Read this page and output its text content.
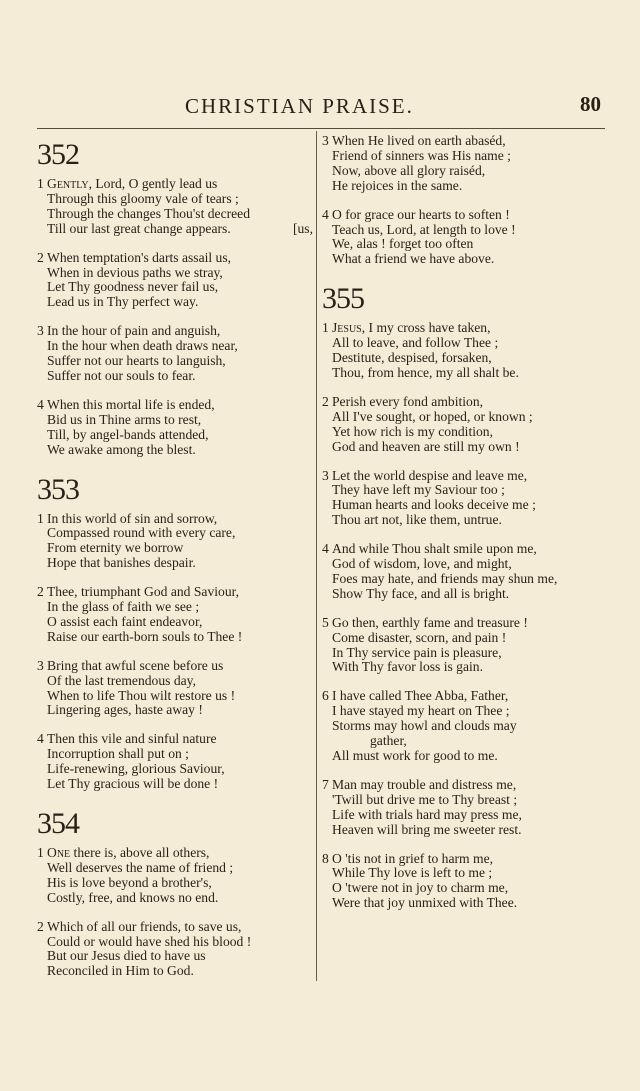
CHRISTIAN PRAISE.	80
352
1 Gently, Lord, O gently lead us
Through this gloomy vale of tears ;
Through the changes Thou'st decreed
Till our last great change appears.	[us,
2 When temptation's darts assail us,
When in devious paths we stray,
Let Thy goodness never fail us,
Lead us in Thy perfect way.
3 In the hour of pain and anguish,
In the hour when death draws near,
Suffer not our hearts to languish,
Suffer not our souls to fear.
4 When this mortal life is ended,
Bid us in Thine arms to rest,
Till, by angel-bands attended,
We awake among the blest.
353
1 In this world of sin and sorrow,
Compassed round with every care,
From eternity we borrow
Hope that banishes despair.
2 Thee, triumphant God and Saviour,
In the glass of faith we see ;
O assist each faint endeavor,
Raise our earth-born souls to Thee !
3 Bring that awful scene before us
Of the last tremendous day,
When to life Thou wilt restore us !
Lingering ages, haste away !
4 Then this vile and sinful nature
Incorruption shall put on ;
Life-renewing, glorious Saviour,
Let Thy gracious will be done !
354
1 One there is, above all others,
Well deserves the name of friend ;
His is love beyond a brother's,
Costly, free, and knows no end.
2 Which of all our friends, to save us,
Could or would have shed his blood !
But our Jesus died to have us
Reconciled in Him to God.
3 When He lived on earth abaséd,
Friend of sinners was His name ;
Now, above all glory raiséd,
He rejoices in the same.
4 O for grace our hearts to soften !
Teach us, Lord, at length to love !
We, alas ! forget too often
What a friend we have above.
355
1 Jesus, I my cross have taken,
All to leave, and follow Thee ;
Destitute, despised, forsaken,
Thou, from hence, my all shalt be.
2 Perish every fond ambition,
All I've sought, or hoped, or known ;
Yet how rich is my condition,
God and heaven are still my own !
3 Let the world despise and leave me,
They have left my Saviour too ;
Human hearts and looks deceive me ;
Thou art not, like them, untrue.
4 And while Thou shalt smile upon me,
God of wisdom, love, and might,
Foes may hate, and friends may shun me,
Show Thy face, and all is bright.
5 Go then, earthly fame and treasure !
Come disaster, scorn, and pain !
In Thy service pain is pleasure,
With Thy favor loss is gain.
6 I have called Thee Abba, Father,
I have stayed my heart on Thee ;
Storms may howl and clouds may
gather,
All must work for good to me.
7 Man may trouble and distress me,
'Twill but drive me to Thy breast ;
Life with trials hard may press me,
Heaven will bring me sweeter rest.
8 O 'tis not in grief to harm me,
While Thy love is left to me ;
O 'twere not in joy to charm me,
Were that joy unmixed with Thee.
